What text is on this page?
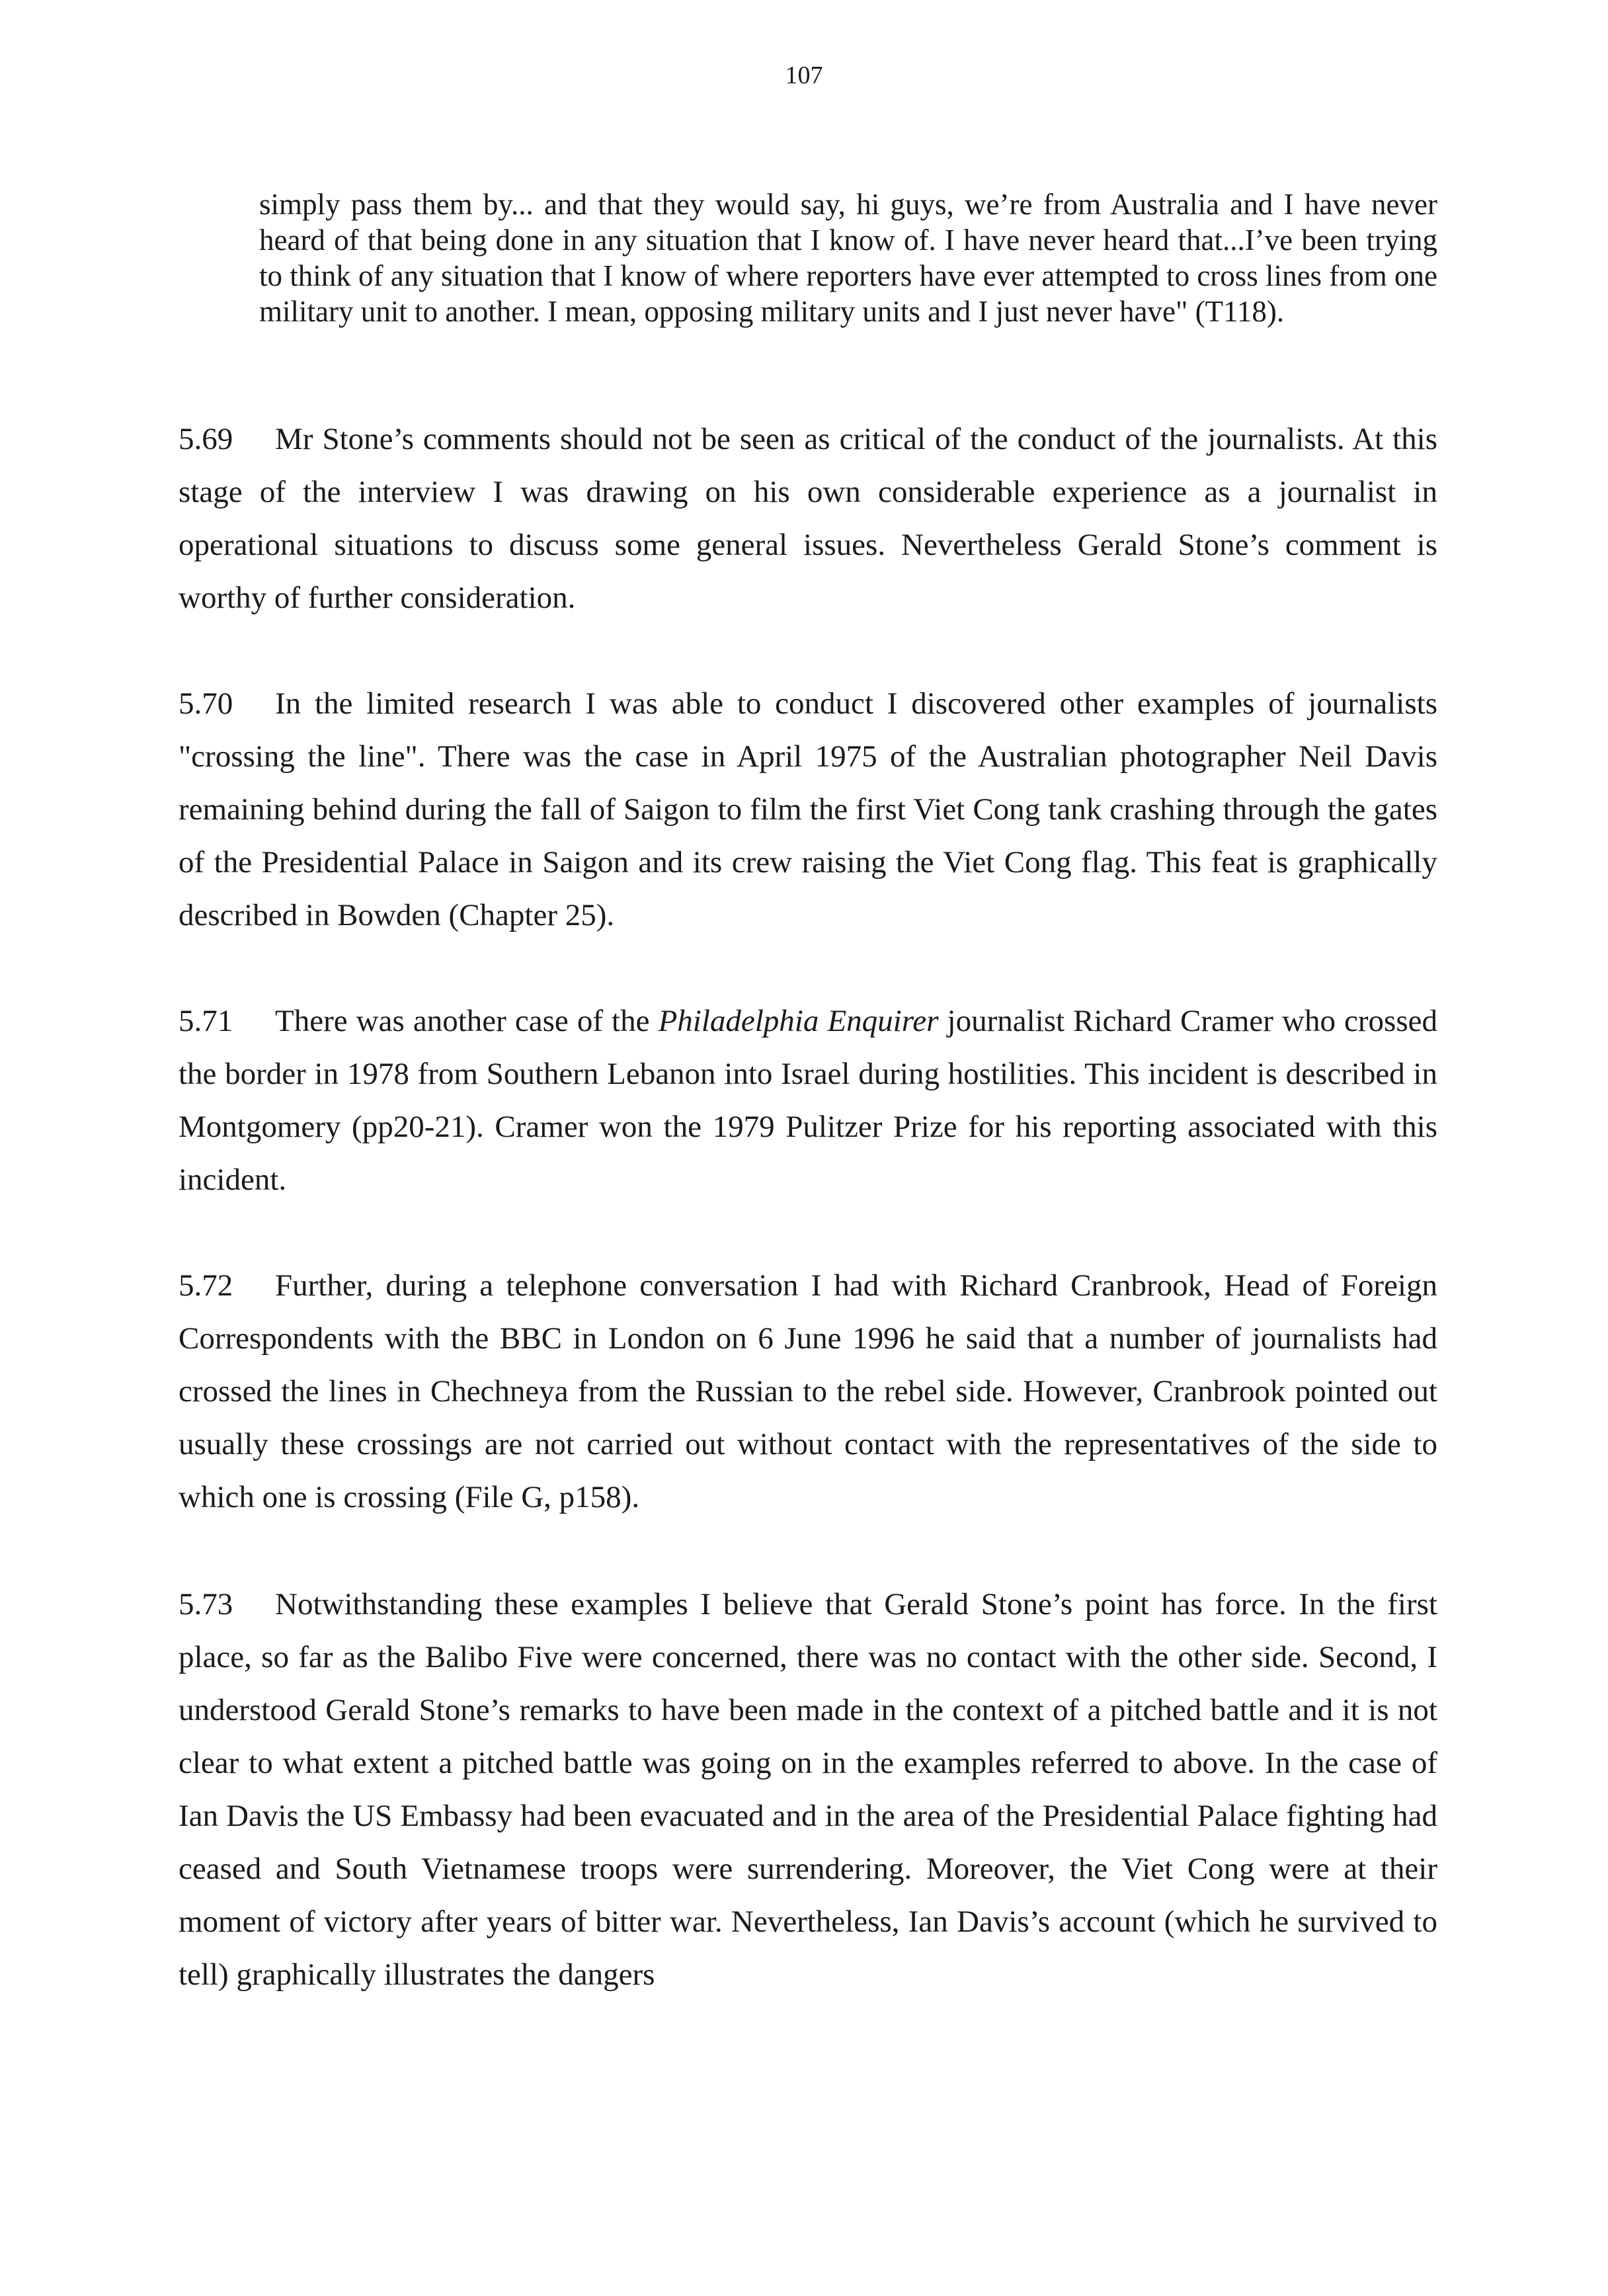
107

simply pass them by... and that they would say, hi guys, we’re from Australia and I have never heard of that being done in any situation that I know of. I have never heard that...I’ve been trying to think of any situation that I know of where reporters have ever attempted to cross lines from one military unit to another. I mean, opposing military units and I just never have" (T118).

5.69 Mr Stone’s comments should not be seen as critical of the conduct of the journalists. At this stage of the interview I was drawing on his own considerable experience as a journalist in operational situations to discuss some general issues. Nevertheless Gerald Stone’s comment is worthy of further consideration.

5.70 In the limited research I was able to conduct I discovered other examples of journalists "crossing the line". There was the case in April 1975 of the Australian photographer Neil Davis remaining behind during the fall of Saigon to film the first Viet Cong tank crashing through the gates of the Presidential Palace in Saigon and its crew raising the Viet Cong flag. This feat is graphically described in Bowden (Chapter 25).

5.71 There was another case of the Philadelphia Enquirer journalist Richard Cramer who crossed the border in 1978 from Southern Lebanon into Israel during hostilities. This incident is described in Montgomery (pp20-21). Cramer won the 1979 Pulitzer Prize for his reporting associated with this incident.

5.72 Further, during a telephone conversation I had with Richard Cranbrook, Head of Foreign Correspondents with the BBC in London on 6 June 1996 he said that a number of journalists had crossed the lines in Chechneya from the Russian to the rebel side. However, Cranbrook pointed out usually these crossings are not carried out without contact with the representatives of the side to which one is crossing (File G, p158).

5.73 Notwithstanding these examples I believe that Gerald Stone’s point has force. In the first place, so far as the Balibo Five were concerned, there was no contact with the other side. Second, I understood Gerald Stone’s remarks to have been made in the context of a pitched battle and it is not clear to what extent a pitched battle was going on in the examples referred to above. In the case of Ian Davis the US Embassy had been evacuated and in the area of the Presidential Palace fighting had ceased and South Vietnamese troops were surrendering. Moreover, the Viet Cong were at their moment of victory after years of bitter war. Nevertheless, Ian Davis’s account (which he survived to tell) graphically illustrates the dangers
